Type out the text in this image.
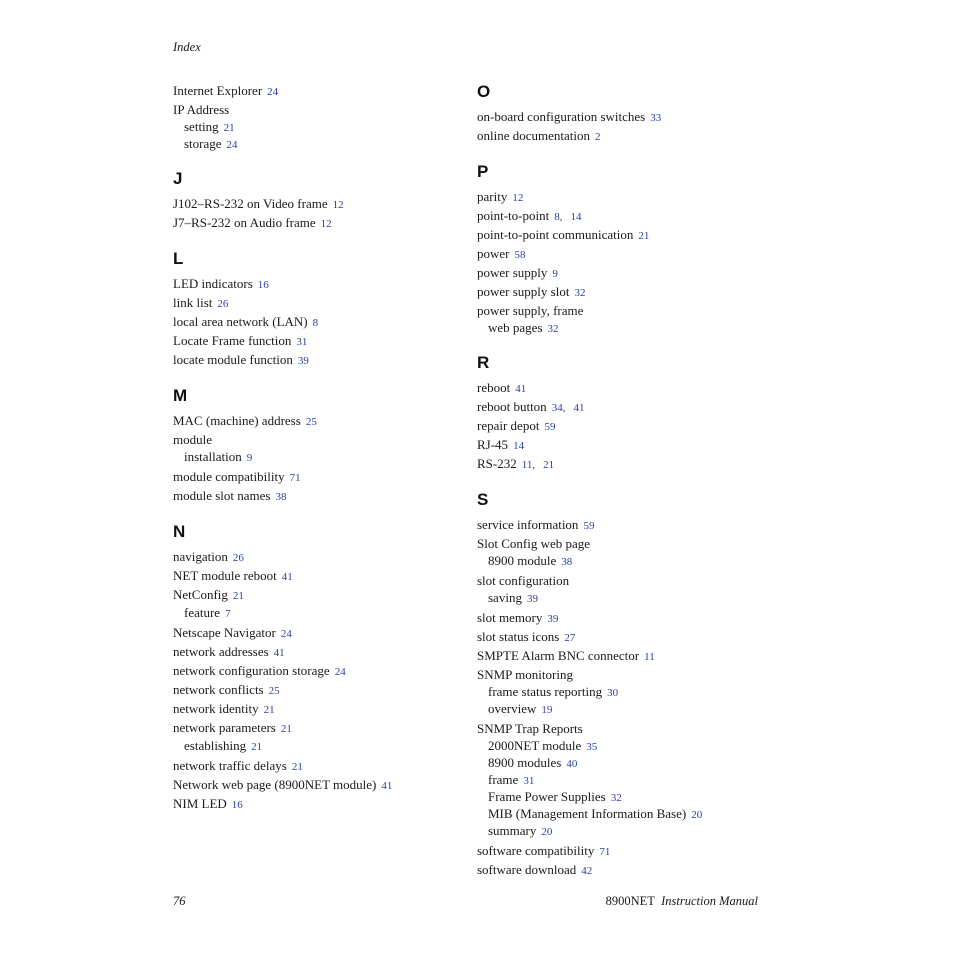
Index
Internet Explorer 24
IP Address
setting 21
storage 24
J
J102–RS-232 on Video frame 12
J7–RS-232 on Audio frame 12
L
LED indicators 16
link list 26
local area network (LAN) 8
Locate Frame function 31
locate module function 39
M
MAC (machine) address 25
module
installation 9
module compatibility 71
module slot names 38
N
navigation 26
NET module reboot 41
NetConfig 21
feature 7
Netscape Navigator 24
network addresses 41
network configuration storage 24
network conflicts 25
network identity 21
network parameters 21
establishing 21
network traffic delays 21
Network web page (8900NET module) 41
NIM LED 16
O
on-board configuration switches 33
online documentation 2
P
parity 12
point-to-point 8, 14
point-to-point communication 21
power 58
power supply 9
power supply slot 32
power supply, frame
web pages 32
R
reboot 41
reboot button 34, 41
repair depot 59
RJ-45 14
RS-232 11, 21
S
service information 59
Slot Config web page
8900 module 38
slot configuration
saving 39
slot memory 39
slot status icons 27
SMPTE Alarm BNC connector 11
SNMP monitoring
frame status reporting 30
overview 19
SNMP Trap Reports
2000NET module 35
8900 modules 40
frame 31
Frame Power Supplies 32
MIB (Management Information Base) 20
summary 20
software compatibility 71
software download 42
76	8900NET Instruction Manual
